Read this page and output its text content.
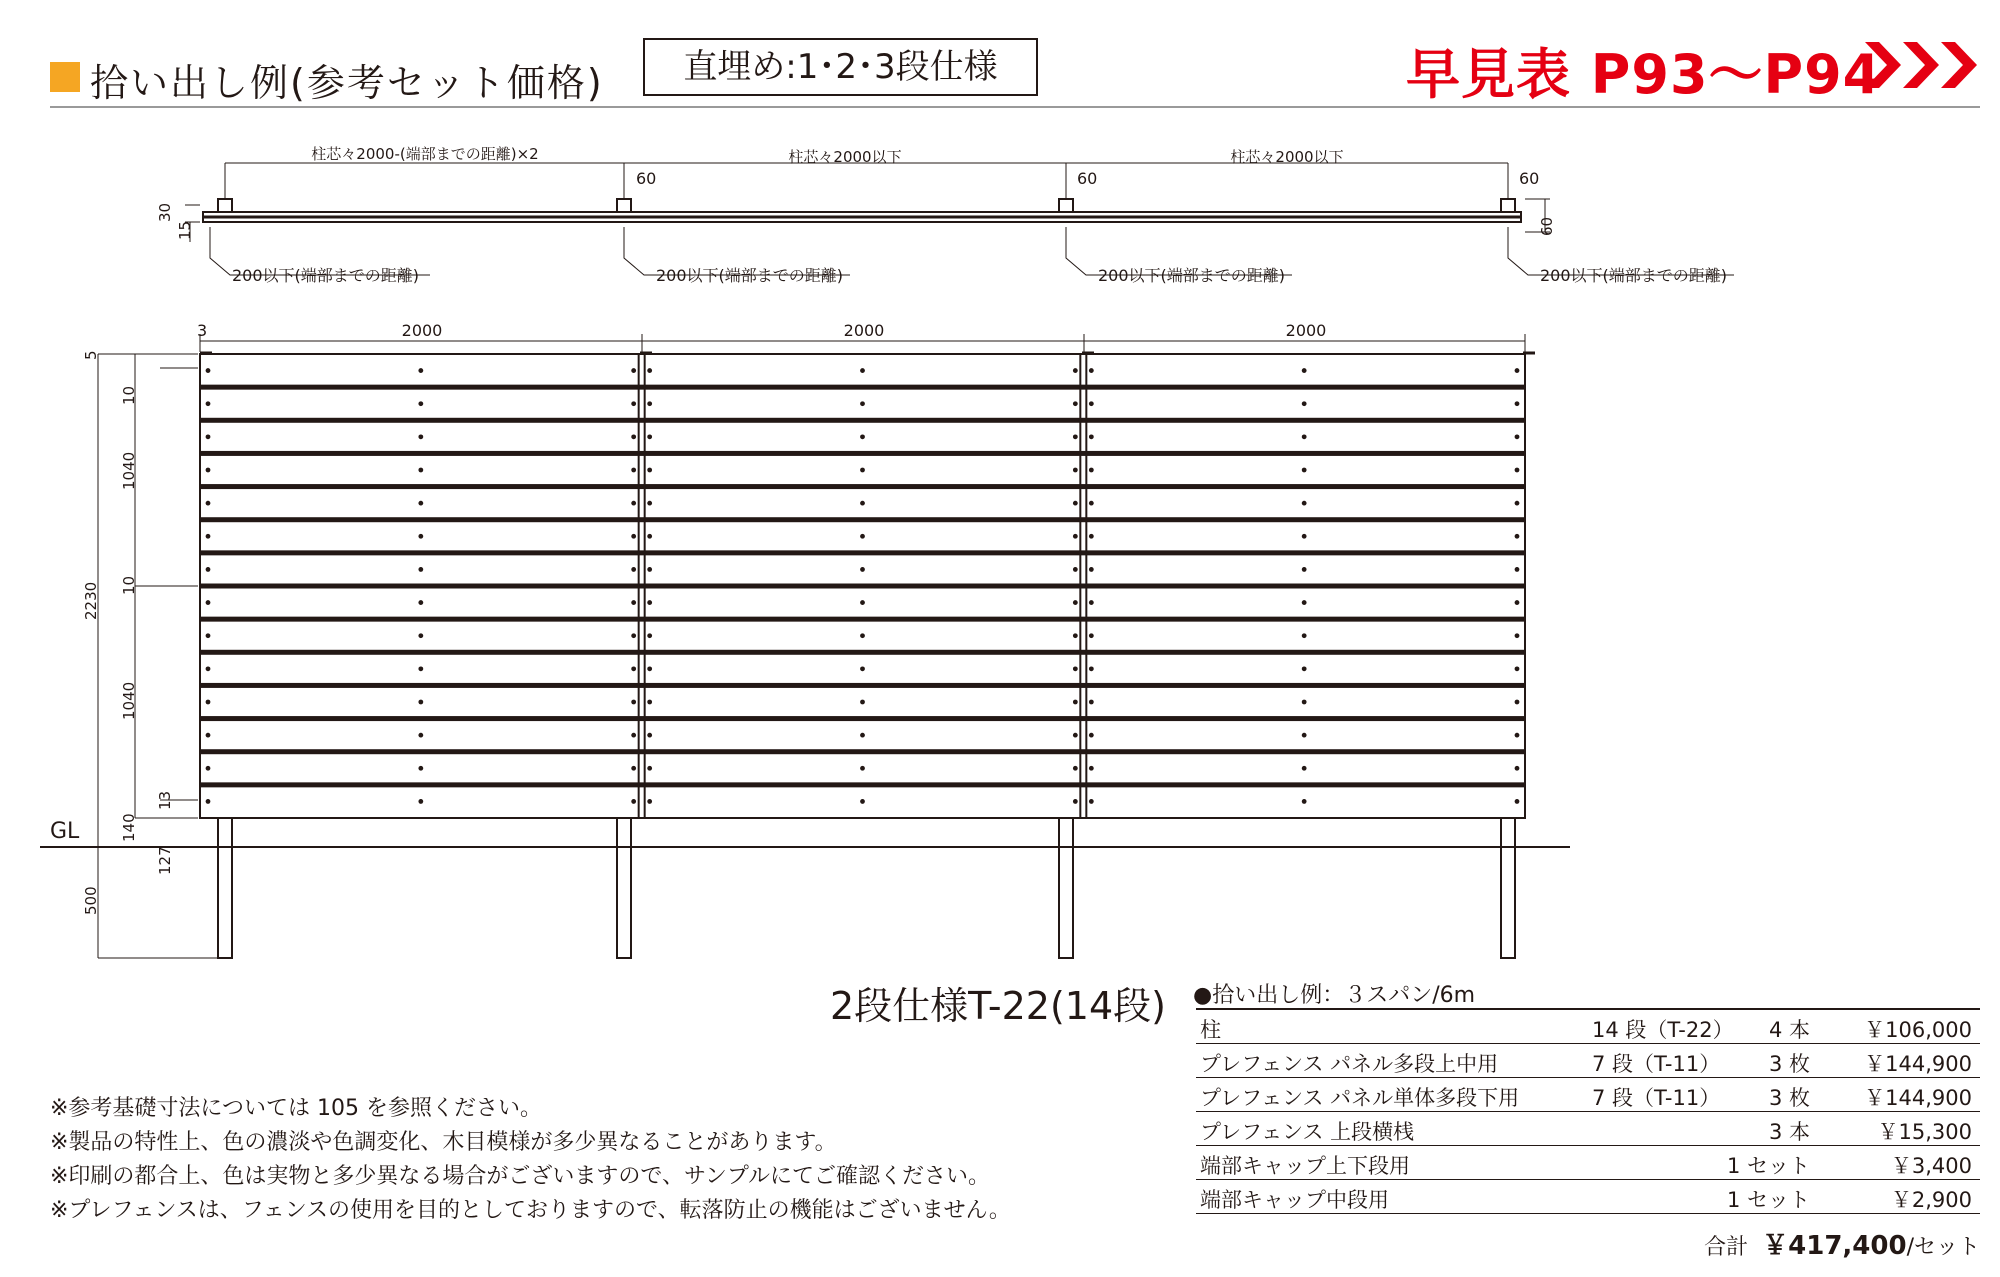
拾い出し例(参考セット価格)	直埋め:1･2･3段仕様	早見表 P93〜P94
柱芯々2000-(端部までの距離)×2	柱芯々2000以下	柱芯々2000以下
60	60	60
30
15	60
200以下(端部までの距離)	200以下(端部までの距離)	200以下(端部までの距離)	200以下(端部までの距離)
3	2000	2000	2000
GL
5
2230
10
1040
10
1040
13
140
127
500
2段仕様T-22(14段)
※参考基礎寸法については 105 を参照ください。
※製品の特性上、色の濃淡や色調変化、木目模様が多少異なることがあります。
※印刷の都合上、色は実物と多少異なる場合がございますので、サンプルにてご確認ください。
※プレフェンスは、フェンスの使用を目的としておりますので、転落防止の機能はございません。
●拾い出し例：３スパン/6m
柱	14 段（T-22） 4 本	￥106,000
プレフェンス パネル多段上中用	7 段（T-11） 3 枚	￥144,900
プレフェンス パネル単体多段下用	7 段（T-11） 3 枚	￥144,900
プレフェンス 上段横桟	3 本	￥15,300
端部キャップ上下段用	1 セット	￥3,400
端部キャップ中段用	1 セット	￥2,900
合計 ￥417,400/セット
